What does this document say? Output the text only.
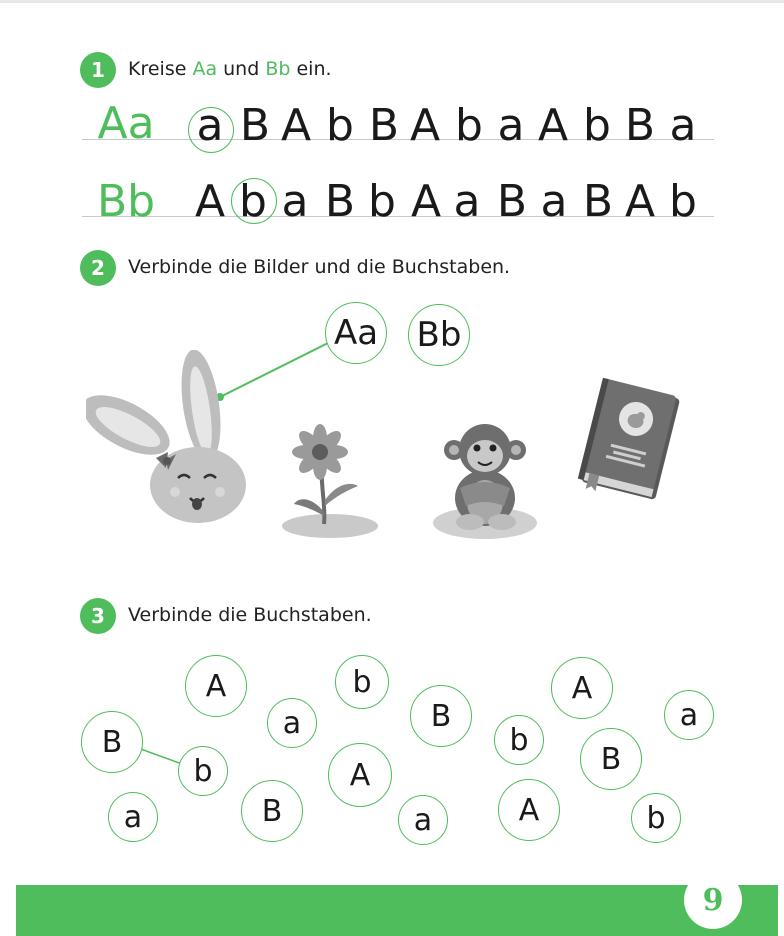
1	Kreise Aa und Bb ein.
Aa
Bb
a B A b B A b a A b B a
A b a B b A a B a B A b
2	Verbinde die Bilder und die Buchstaben.
Aa Bb
3	Verbinde die Buchstaben.
B
A
a
b
b	A
a	B	a
B
b
A
A
a
B
b
9
